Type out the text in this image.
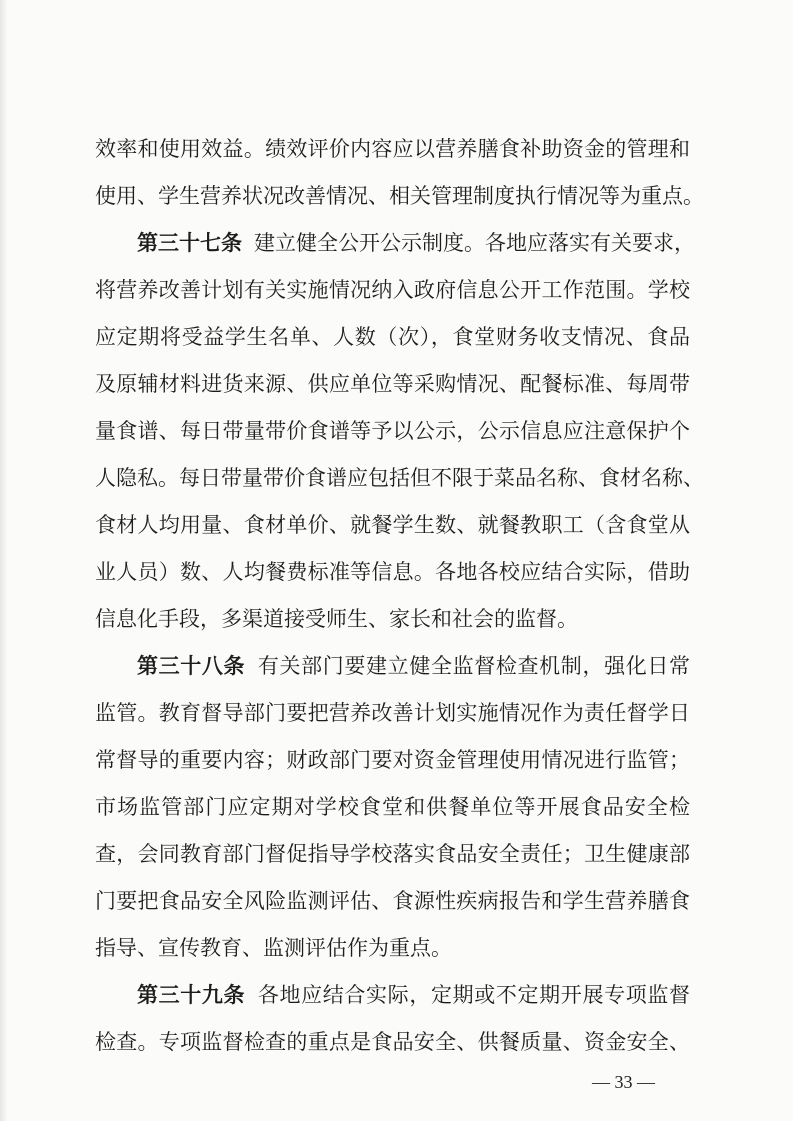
效率和使用效益。绩效评价内容应以营养膳食补助资金的管理和
使用、学生营养状况改善情况、相关管理制度执行情况等为重点。
第三十七条 建立健全公开公示制度。各地应落实有关要求，
将营养改善计划有关实施情况纳入政府信息公开工作范围。学校
应定期将受益学生名单、人数（次），食堂财务收支情况、食品
及原辅材料进货来源、供应单位等采购情况、配餐标准、每周带
量食谱、每日带量带价食谱等予以公示，公示信息应注意保护个
人隐私。每日带量带价食谱应包括但不限于菜品名称、食材名称、
食材人均用量、食材单价、就餐学生数、就餐教职工（含食堂从
业人员）数、人均餐费标准等信息。各地各校应结合实际，借助
信息化手段，多渠道接受师生、家长和社会的监督。
第三十八条 有关部门要建立健全监督检查机制，强化日常
监管。教育督导部门要把营养改善计划实施情况作为责任督学日
常督导的重要内容；财政部门要对资金管理使用情况进行监管；
市场监管部门应定期对学校食堂和供餐单位等开展食品安全检
查，会同教育部门督促指导学校落实食品安全责任；卫生健康部
门要把食品安全风险监测评估、食源性疾病报告和学生营养膳食
指导、宣传教育、监测评估作为重点。
第三十九条 各地应结合实际，定期或不定期开展专项监督
检查。专项监督检查的重点是食品安全、供餐质量、资金安全、
— 33 —
